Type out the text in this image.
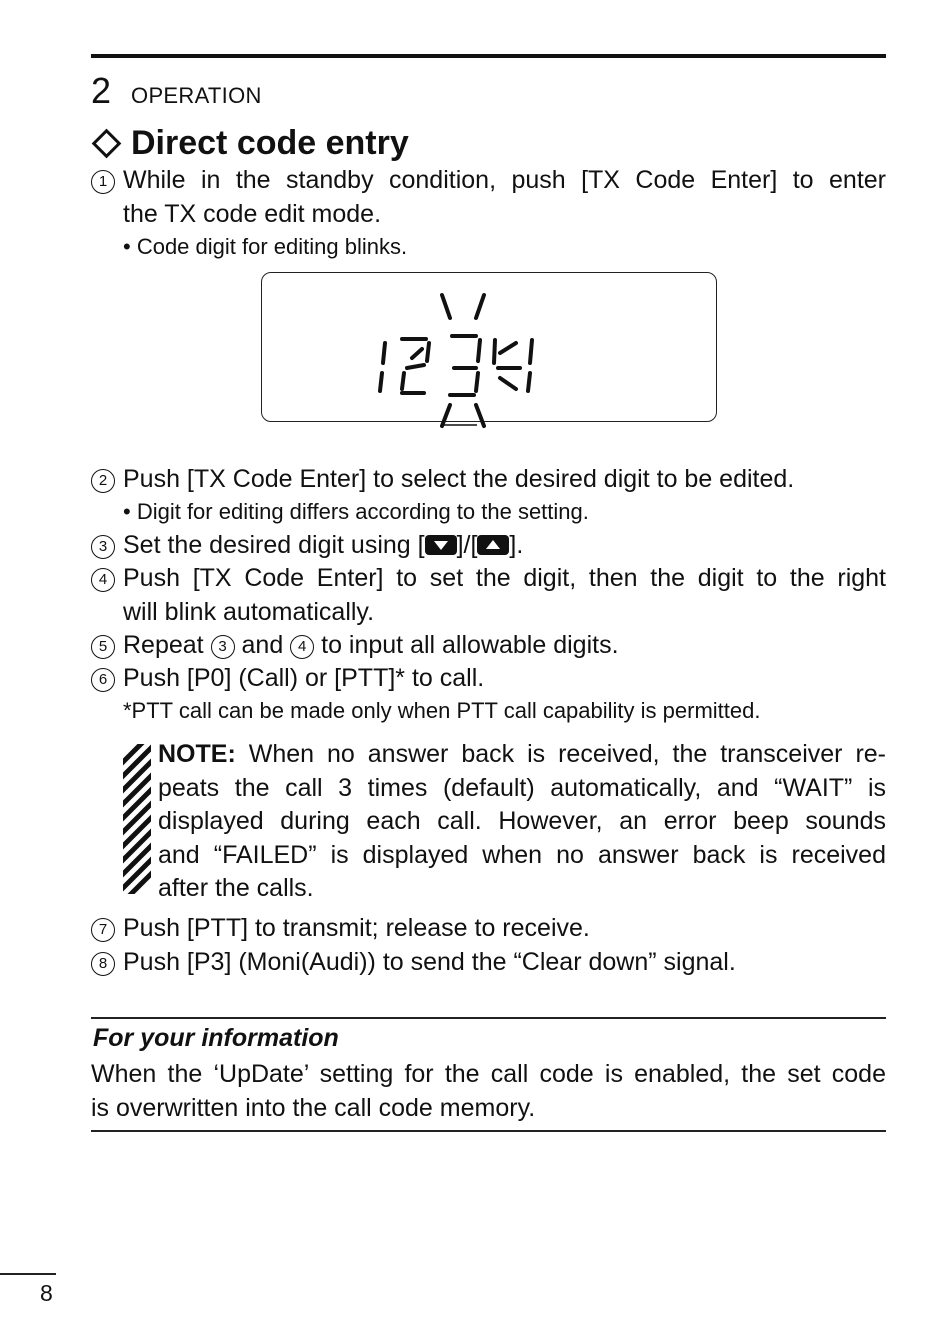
2 OPERATION
Direct code entry
1 While in the standby condition, push [TX Code Enter] to enter
the TX code edit mode.
• Code digit for editing blinks.
2 Push [TX Code Enter] to select the desired digit to be edited.
• Digit for editing differs according to the setting.
3 Set the desired digit using [ ]/[ ].
4 Push [TX Code Enter] to set the digit, then the digit to the right
will blink automatically.
5 Repeat 3 and 4 to input all allowable digits.
6 Push [P0] (Call) or [PTT]* to call.
*PTT call can be made only when PTT call capability is permitted.
NOTE: When no answer back is received, the transceiver re-
peats the call 3 times (default) automatically, and “WAIT” is
displayed during each call. However, an error beep sounds
and “FAILED” is displayed when no answer back is received
after the calls.
7 Push [PTT] to transmit; release to receive.
8 Push [P3] (Moni(Audi)) to send the “Clear down” signal.
For your information
When the ‘UpDate’ setting for the call code is enabled, the set code
is overwritten into the call code memory.
8
